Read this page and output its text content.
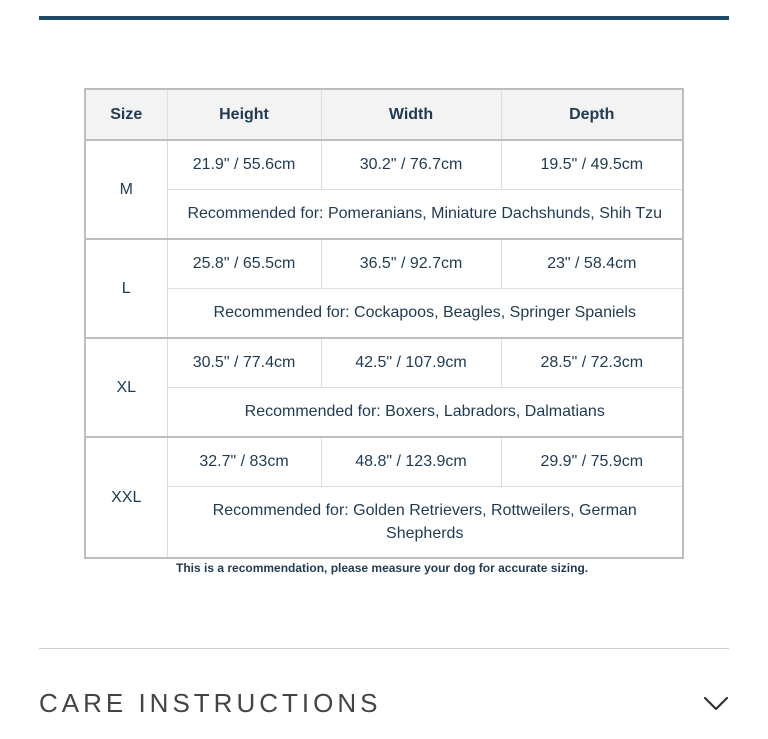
Size	Height	Width	Depth
M	21.9" / 55.6cm	30.2" / 76.7cm	19.5" / 49.5cm
	Recommended for: Pomeranians, Miniature Dachshunds, Shih Tzu		
L	25.8" / 65.5cm	36.5" / 92.7cm	23" / 58.4cm
	Recommended for: Cockapoos, Beagles, Springer Spaniels		
XL	30.5" / 77.4cm	42.5" / 107.9cm	28.5" / 72.3cm
	Recommended for: Boxers, Labradors, Dalmatians		
XXL	32.7" / 83cm	48.8" / 123.9cm	29.9" / 75.9cm
	Recommended for: Golden Retrievers, Rottweilers, German Shepherds		
This is a recommendation, please measure your dog for accurate sizing.
CARE INSTRUCTIONS
